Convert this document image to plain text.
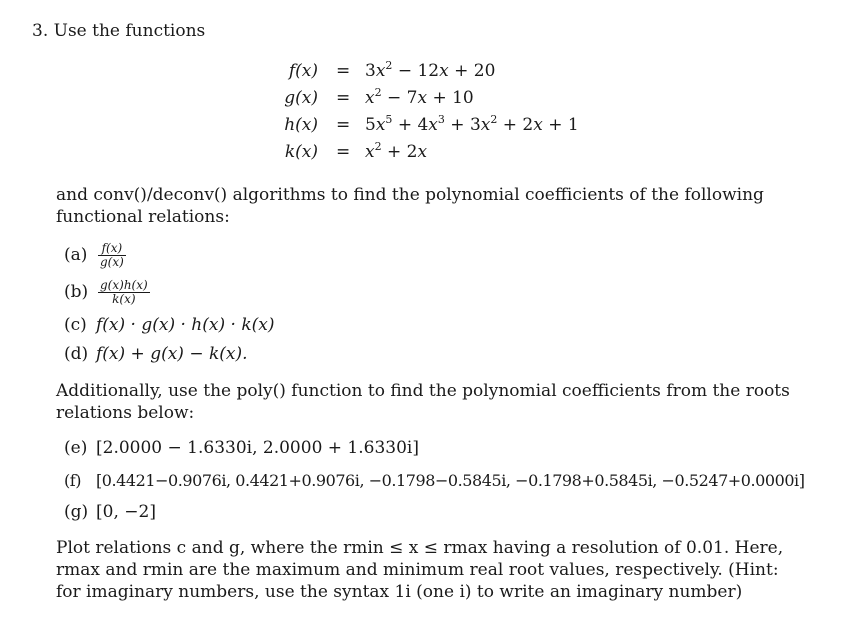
3. Use the functions
$f(x) = 3x^2 - 12x + 20$
$g(x) = x^2 - 7x + 10$
$h(x) = 5x^5 + 4x^3 + 3x^2 + 2x + 1$
$k(x) = x^2 + 2x$
and conv()/deconv() algorithms to find the polynomial coefficients of the following functional relations:
$(a) \frac{f(x)}{g(x)}$
$(b) \frac{g(x)h(x)}{k(x)}$
(c) f(x) · g(x) · h(x) · k(x)
(d) f(x) + g(x) − k(x).
Additionally, use the poly() function to find the polynomial coefficients from the roots relations below:
(e) [2.0000 − 1.6330i, 2.0000 + 1.6330i]
(f) [0.4421−0.9076i, 0.4421+0.9076i, −0.1798−0.5845i, −0.1798+0.5845i, −0.5247+0.0000i]
(g) [0, −2]
Plot relations c and g, where the rmin ≤ x ≤ rmax having a resolution of 0.01. Here, rmax and rmin are the maximum and minimum real root values, respectively. (Hint: for imaginary numbers, use the syntax 1i (one i) to write an imaginary number)
